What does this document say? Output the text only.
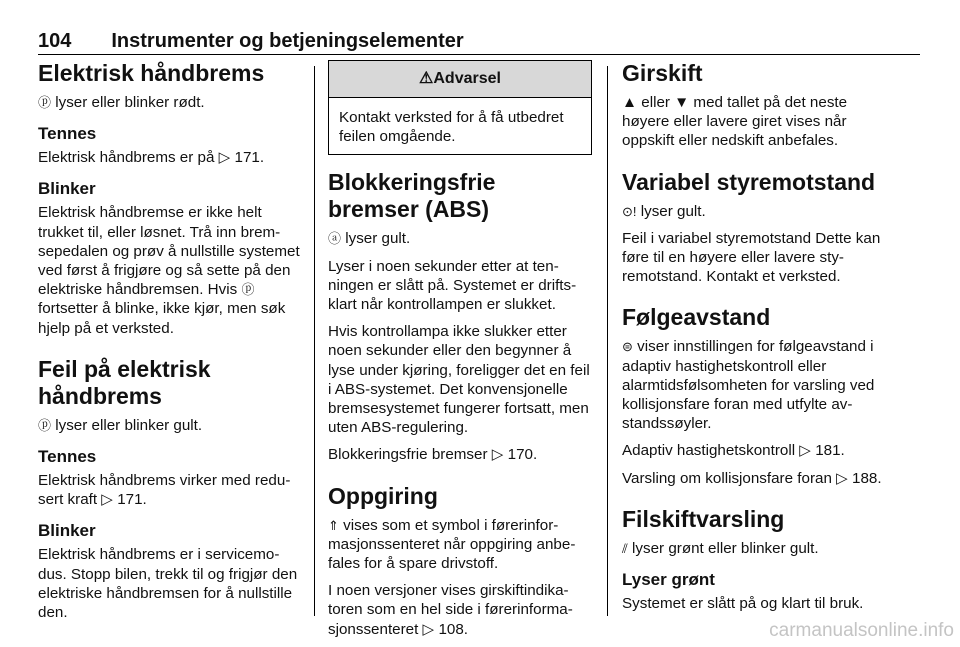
104 Instrumenter og betjeningselementer
Elektrisk håndbrems

ⓟ lyser eller blinker rødt.

Tennes

Elektrisk håndbrems er på ▷ 171.

Blinker

Elektrisk håndbremse er ikke helt trukket til, eller løsnet. Trå inn bremsepedalen og prøv å nullstille systemet ved først å frigjøre og så sette på den elektriske håndbremsen. Hvis ⓟ fortsetter å blinke, ikke kjør, men søk hjelp på et verksted.

Feil på elektrisk håndbrems

ⓟ lyser eller blinker gult.

Tennes

Elektrisk håndbrems virker med redusert kraft ▷ 171.

Blinker

Elektrisk håndbrems er i servicemodus. Stopp bilen, trekk til og frigjør den elektriske håndbremsen for å nullstille den.

⚠Advarsel
Kontakt verksted for å få utbedret feilen omgående.
Blokkeringsfrie bremser (ABS)

ⓐ lyser gult.

Lyser i noen sekunder etter at tenningen er slått på. Systemet er driftsklart når kontrollampen er slukket.

Hvis kontrollampa ikke slukker etter noen sekunder eller den begynner å lyse under kjøring, foreligger det en feil i ABS-systemet. Det konvensjonelle bremsesystemet fungerer fortsatt, men uten ABS-regulering.

Blokkeringsfrie bremser ▷ 170.

Oppgiring

⇑ vises som et symbol i førerinformasjonssenteret når oppgiring anbefales for å spare drivstoff.

I noen versjoner vises girskiftindikatoren som en hel side i førerinformasjonssenteret ▷ 108.

Girskift

▲ eller ▼ med tallet på det neste høyere eller lavere giret vises når oppskift eller nedskift anbefales.

Variabel styremotstand

⊙! lyser gult.

Feil i variabel styremotstand Dette kan føre til en høyere eller lavere styremotstand. Kontakt et verksted.

Følgeavstand

⊜ viser innstillingen for følgeavstand i adaptiv hastighetskontroll eller alarmtidsfølsomheten for varsling ved kollisjonsfare foran med utfylte avstandssøyler.

Adaptiv hastighetskontroll ▷ 181.

Varsling om kollisjonsfare foran ▷ 188.

Filskiftvarsling

⫽ lyser grønt eller blinker gult.

Lyser grønt

Systemet er slått på og klart til bruk.

carmanualsonline.info
